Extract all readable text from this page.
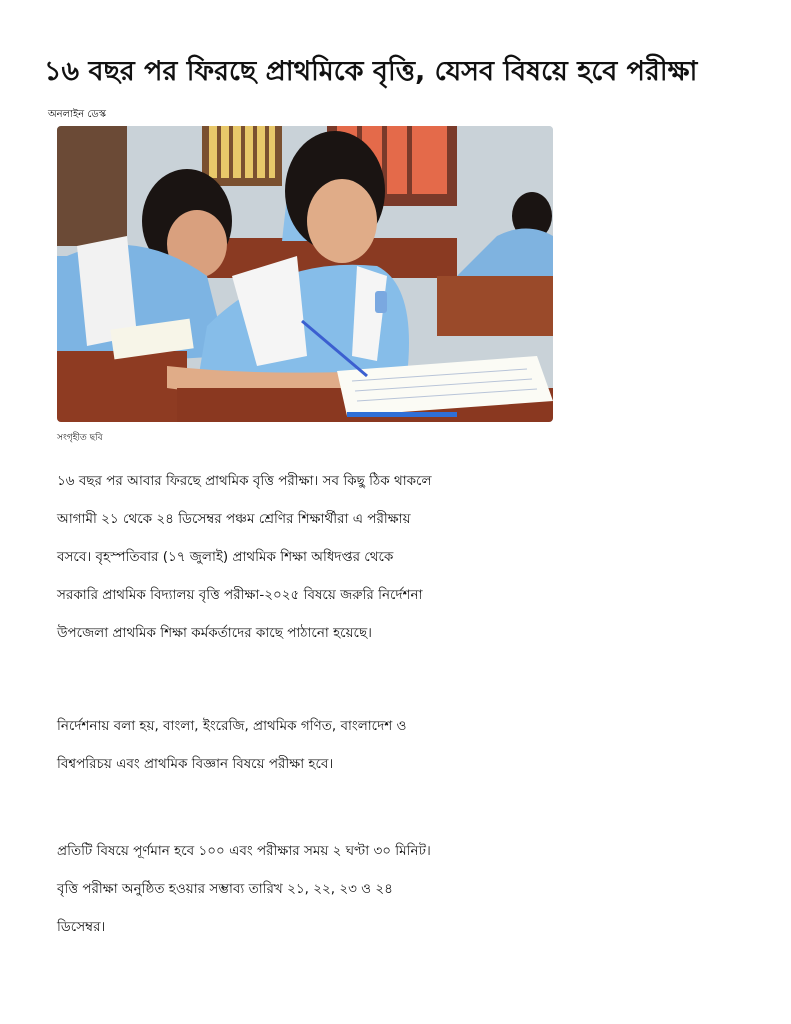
১৬ বছর পর ফিরছে প্রাথমিকে বৃত্তি, যেসব বিষয়ে হবে পরীক্ষা
অনলাইন ডেস্ক
সংগৃহীত ছবি

১৬ বছর পর আবার ফিরছে প্রাথমিক বৃত্তি পরীক্ষা। সব কিছু ঠিক থাকলে আগামী ২১ থেকে ২৪ ডিসেম্বর পঞ্চম শ্রেণির শিক্ষার্থীরা এ পরীক্ষায় বসবে। বৃহস্পতিবার (১৭ জুলাই) প্রাথমিক শিক্ষা অধিদপ্তর থেকে সরকারি প্রাথমিক বিদ্যালয় বৃত্তি পরীক্ষা-২০২৫ বিষয়ে জরুরি নির্দেশনা উপজেলা প্রাথমিক শিক্ষা কর্মকর্তাদের কাছে পাঠানো হয়েছে।

নির্দেশনায় বলা হয়, বাংলা, ইংরেজি, প্রাথমিক গণিত, বাংলাদেশ ও বিশ্বপরিচয় এবং প্রাথমিক বিজ্ঞান বিষয়ে পরীক্ষা হবে।

প্রতিটি বিষয়ে পূর্ণমান হবে ১০০ এবং পরীক্ষার সময় ২ ঘণ্টা ৩০ মিনিট। বৃত্তি পরীক্ষা অনুষ্ঠিত হওয়ার সম্ভাব্য তারিখ ২১, ২২, ২৩ ও ২৪ ডিসেম্বর।
